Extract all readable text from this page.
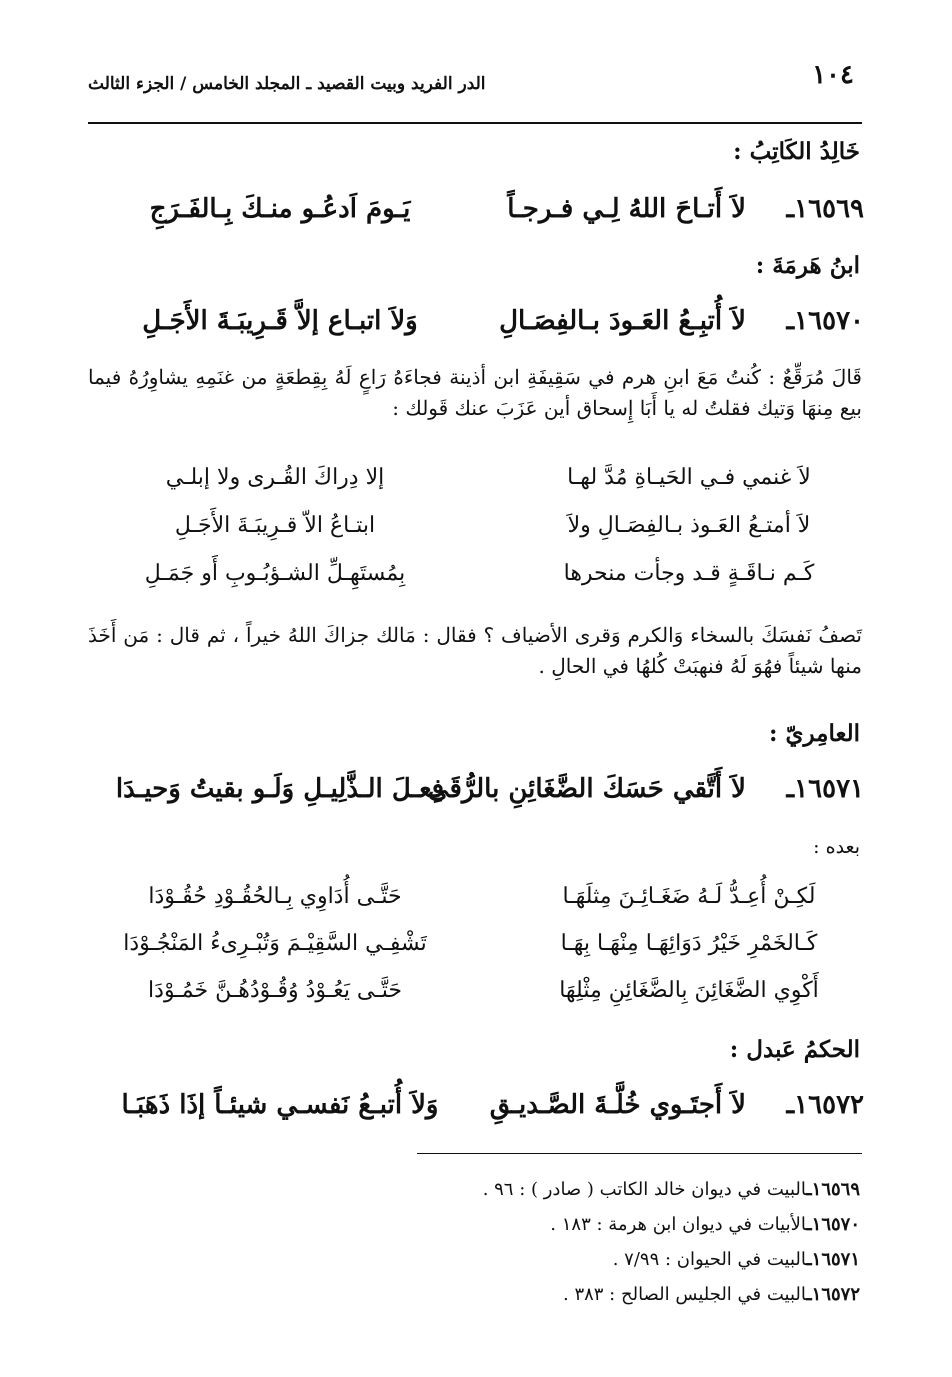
١٠٤
الدر الفريد وبيت القصيد ـ المجلد الخامس / الجزء الثالث
خَالِدُ الكَاتِبُ :
١٦٥٦٩ـ
لاَ أَتـاحَ اللهُ لِـي فـرجـاً
يَـومَ اَدعُـو منـكَ بِـالفَـرَجِ
ابنُ هَرمَةَ :
١٦٥٧٠ـ
لاَ أُتبِـعُ العَـودَ بـالفِصَـالِ
وَلاَ اتبـاع إلاَّ قَـرِيبَـةَ الأَجَـلِ

قَالَ مُرَقِّعٌ : كُنتُ مَعَ ابنِ هرم في سَقِيفَةِ ابن أذينة فجاءَهُ رَاعٍ لَهُ بِقِطعَةٍ من غنَمِهِ يشاوِرُهُ فيما بيع مِنهَا وَتيك فقلتُ له يا أَبَا إِسحاق أين عَزَبَ عنك قَولك :

لاَ غنمي فـي الحَيـاةِ مُدَّ لهـا
إلا دِراكَ القُـرى ولا إبلـي
لاَ أمتـعُ العَـوذ بـالفِصَـالِ ولاَ
ابتـاعُ الاّ قـرِيبَـةَ الأَجَـلِ
كَـم نـاقَـةٍ قـد وجأت منحرها
بِمُستَهِـلِّ الشـؤبُـوبِ أَو جَمَـلِ

تَصفُ نَفسَكَ بالسخاء وَالكرم وَقرى الأضياف ؟ فقال : مَالك جزاكَ اللهُ خيراً ، ثم قال : مَن أَخَذَ منها شيئاً فهُوَ لَهُ فنهبَتْ كُلهُا في الحالِ .

العامِريّ :
١٦٥٧١ـ
لاَ أَتَّقي حَسَكَ الضَّغَائِنِ بالرُّقَى
فِعـلَ الـذَّلِيـلِ وَلَـو بقيتُ وَحيـدَا
بعده :
لَكِـنْ أُعِـدُّ لَـهُ ضَغَـائِـنَ مِثلَهَـا
حَتَّـى أُدَاوِي بِـالحُقُـوْدِ حُقُـوْدَا
كَـالخَمْرِ خَيْرُ دَوَائِهَـا مِنْهَـا بِهَـا
تَشْفِـي السَّقِيْـمَ وَتُبْـرِىءُ المَنْجُـوْدَا
أَكْوِي الضَّغَائِنَ بِالضَّغَائِنِ مِثْلِهَا
حَتَّـى يَعُـوْدُ وُقُـوْدُهُـنَّ خَمُـوْدَا
الحكمُ عَبدل :
١٦٥٧٢ـ
لاَ أَجتَـوي خُلَّـةَ الصَّـديـقِ
وَلاَ أُتبـعُ نَفسـي شيئـاً إذَا ذَهَبَـا
١٦٥٦٩ـالبيت في ديوان خالد الكاتب ( صادر ) : ٩٦ .
١٦٥٧٠ـالأبيات في ديوان ابن هرمة : ١٨٣ .
١٦٥٧١ـالبيت في الحيوان : ٧/٩٩ .
١٦٥٧٢ـالبيت في الجليس الصالح : ٣٨٣ .
